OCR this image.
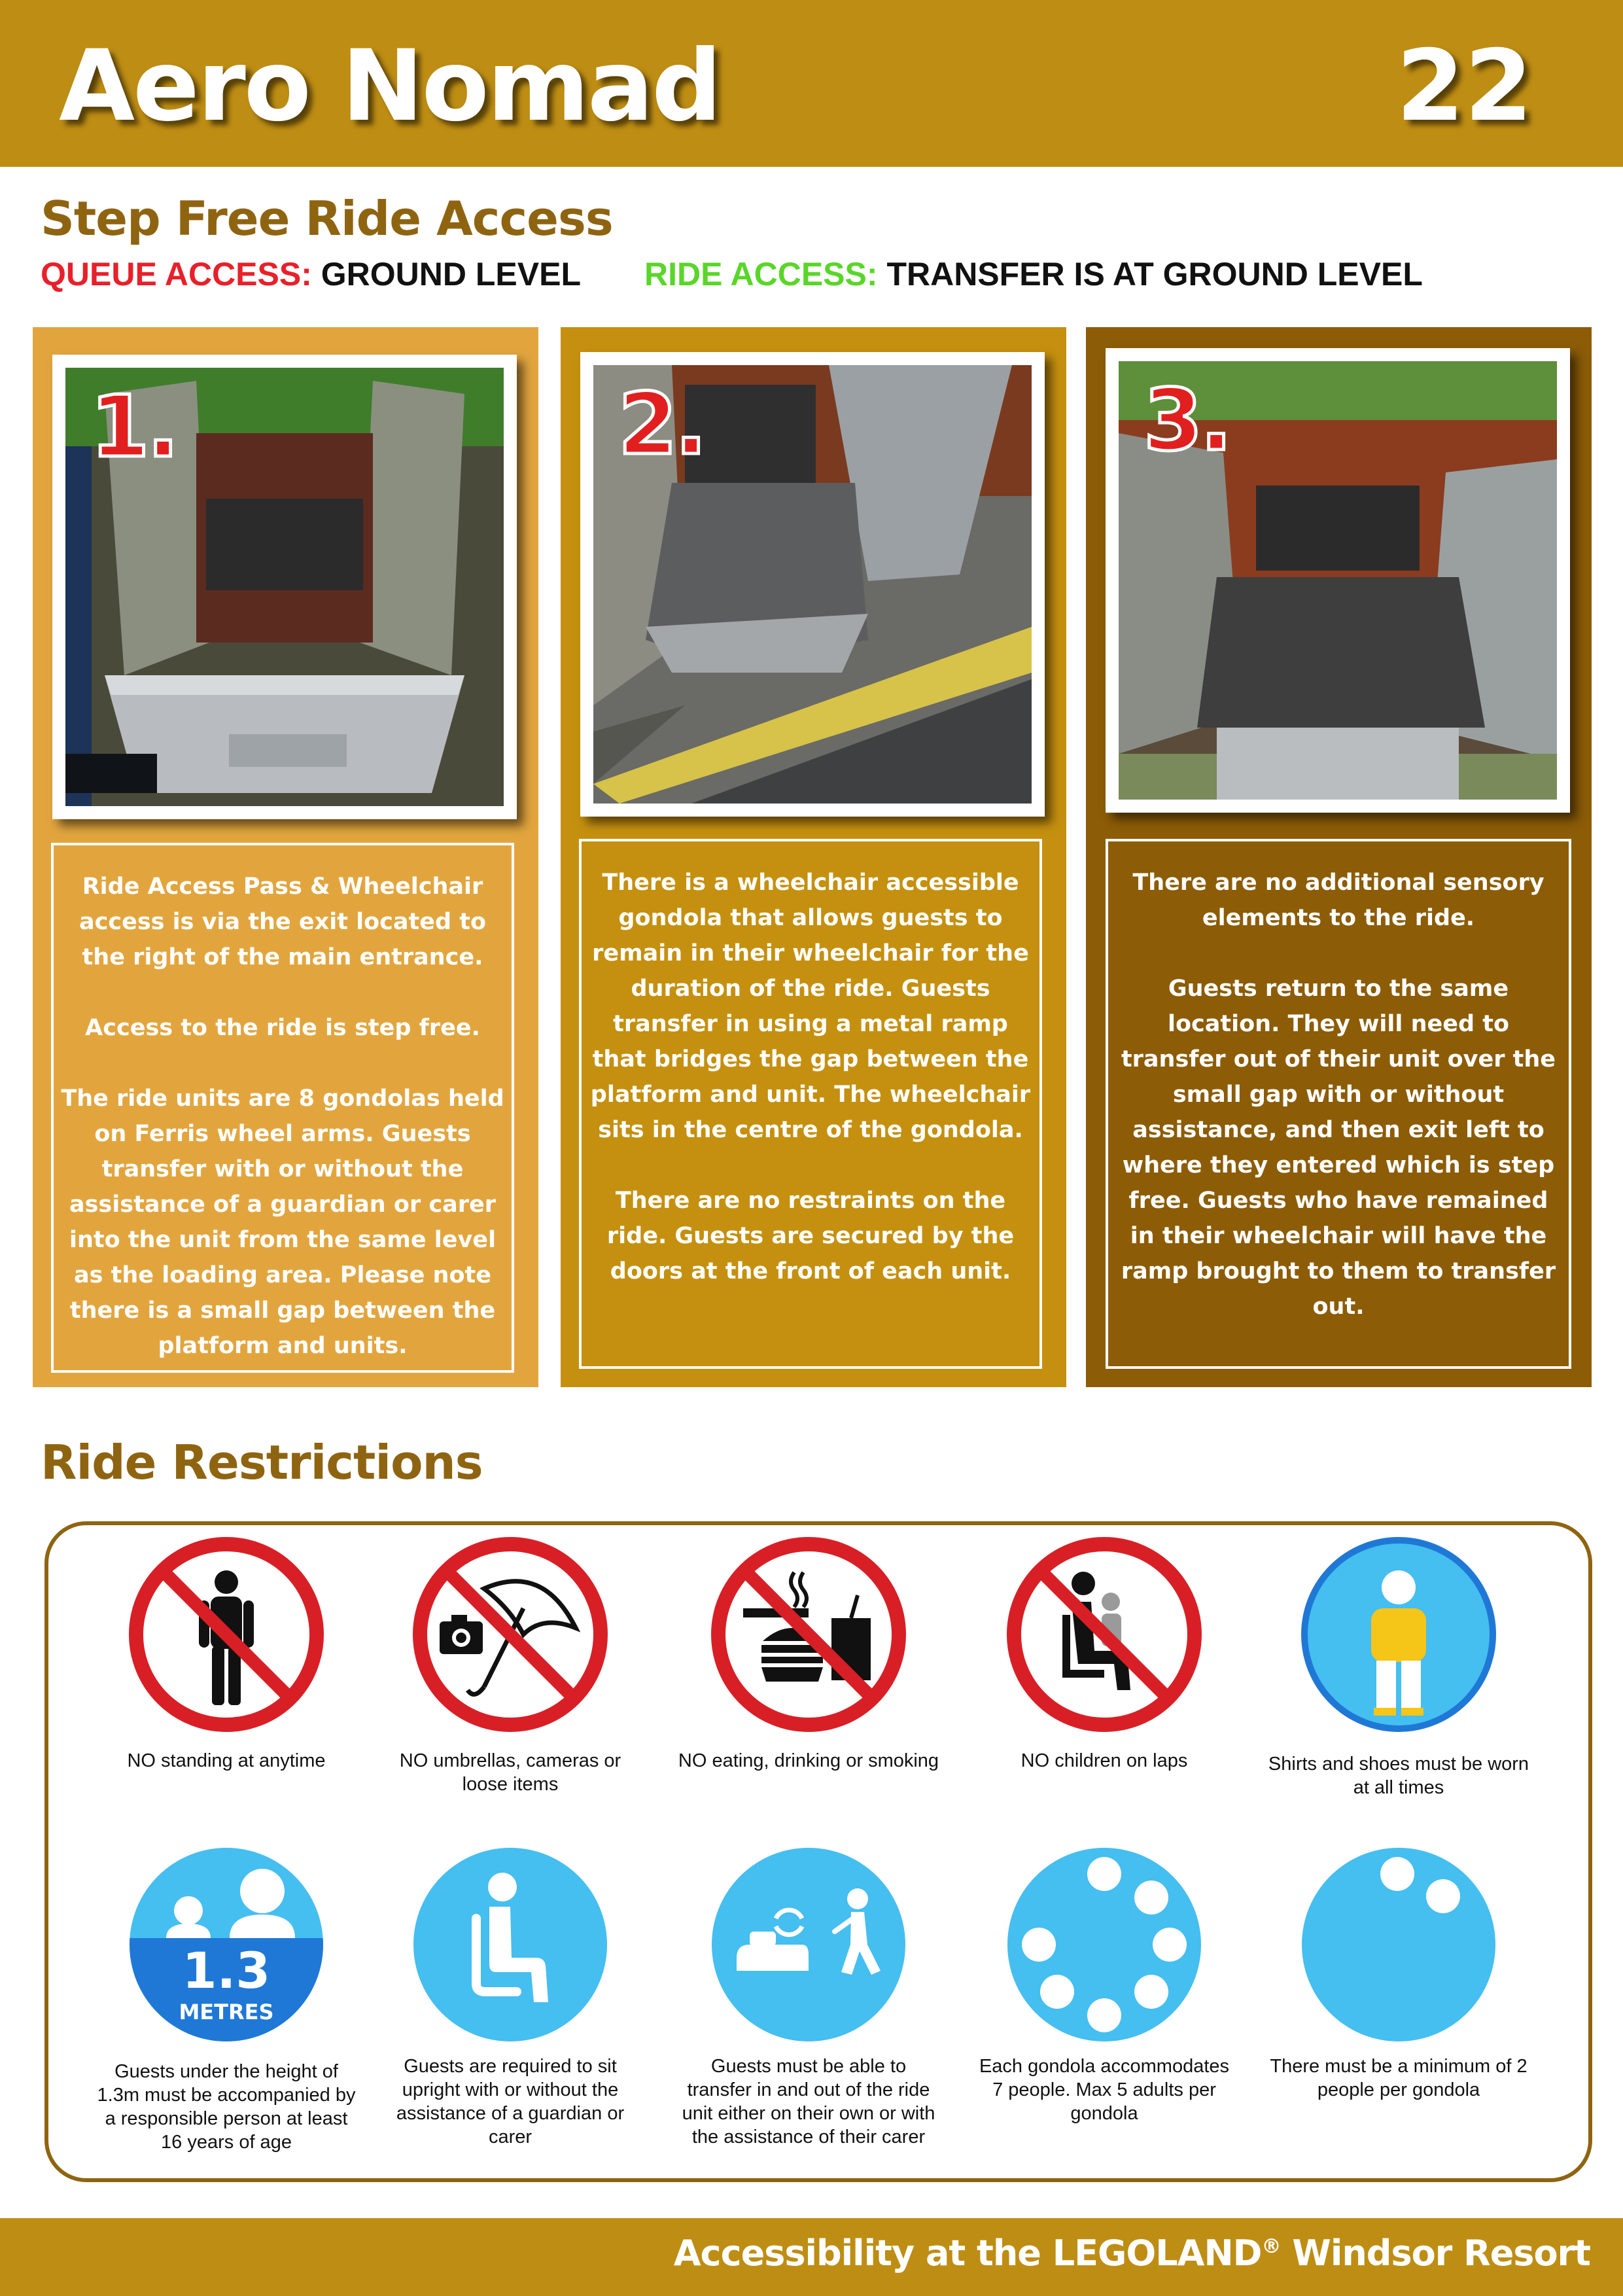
Aero Nomad	22
Step Free Ride Access
QUEUE ACCESS: GROUND LEVEL RIDE ACCESS: TRANSFER IS AT GROUND LEVEL
1.

Ride Access Pass & Wheelchair access is via the exit located to the right of the main entrance.

Access to the ride is step free.

The ride units are 8 gondolas held on Ferris wheel arms. Guests transfer with or without the assistance of a guardian or carer into the unit from the same level as the loading area. Please note there is a small gap between the platform and units.

2.

There is a wheelchair accessible gondola that allows guests to remain in their wheelchair for the duration of the ride. Guests transfer in using a metal ramp that bridges the gap between the platform and unit. The wheelchair sits in the centre of the gondola.

There are no restraints on the ride. Guests are secured by the doors at the front of each unit.

3.

There are no additional sensory elements to the ride.

Guests return to the same location. They will need to transfer out of their unit over the small gap with or without assistance, and then exit left to where they entered which is step free. Guests who have remained in their wheelchair will have the ramp brought to them to transfer out.

Ride Restrictions
NO standing at anytime	NO umbrellas, cameras or loose items
NO eating, drinking or smoking	NO children on laps	Shirts and shoes must be worn at all times
1.3
METRES
Guests under the height of 1.3m must be accompanied by a responsible person at least 16 years of age
Guests are required to sit upright with or without the assistance of a guardian or carer
Guests must be able to transfer in and out of the ride unit either on their own or with the assistance of their carer
Each gondola accommodates 7 people. Max 5 adults per gondola
There must be a minimum of 2 people per gondola
Accessibility at the LEGOLAND® Windsor Resort
